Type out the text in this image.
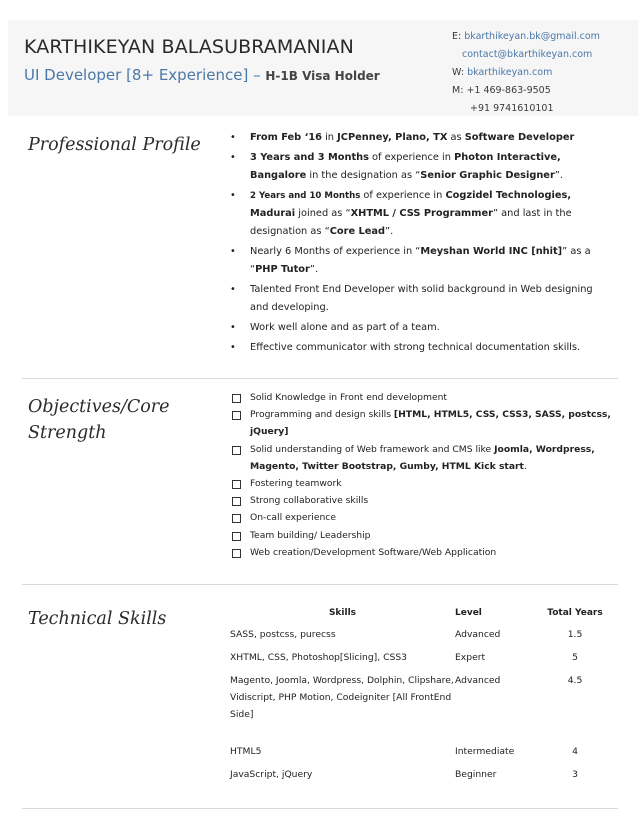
KARTHIKEYAN BALASUBRAMANIAN
UI Developer [8+ Experience] – H-1B Visa Holder
E: bkarthikeyan.bk@gmail.com
contact@bkarthikeyan.com
W: bkarthikeyan.com
M: +1 469-863-9505
+91 9741610101
Professional Profile	• From Feb ‘16 in JCPenney, Plano, TX as Software Developer
• 3 Years and 3 Months of experience in Photon Interactive, Bangalore in the designation as “Senior Graphic Designer”.
• 2 Years and 10 Months of experience in Cogzidel Technologies, Madurai joined as “XHTML / CSS Programmer” and last in the designation as “Core Lead”.
• Nearly 6 Months of experience in “Meyshan World INC [nhit]” as a “PHP Tutor”.
• Talented Front End Developer with solid background in Web designing and developing.
• Work well alone and as part of a team.
• Effective communicator with strong technical documentation skills.
Objectives/Core Strength
Solid Knowledge in Front end development
Programming and design skills [HTML, HTML5, CSS, CSS3, SASS, postcss, jQuery]
Solid understanding of Web framework and CMS like Joomla, Wordpress, Magento, Twitter Bootstrap, Gumby, HTML Kick start.
Fostering teamwork
Strong collaborative skills
On-call experience
Team building/ Leadership
Web creation/Development Software/Web Application
Technical Skills	Skills	Level	Total Years
SASS, postcss, purecss	Advanced	1.5
XHTML, CSS, Photoshop[Slicing], CSS3	Expert	5
Magento, Joomla, Wordpress, Dolphin, Clipshare, Vidiscript, PHP Motion, Codeigniter [All FrontEnd Side]	Advanced	4.5
HTML5	Intermediate	4
JavaScript, jQuery	Beginner	3
